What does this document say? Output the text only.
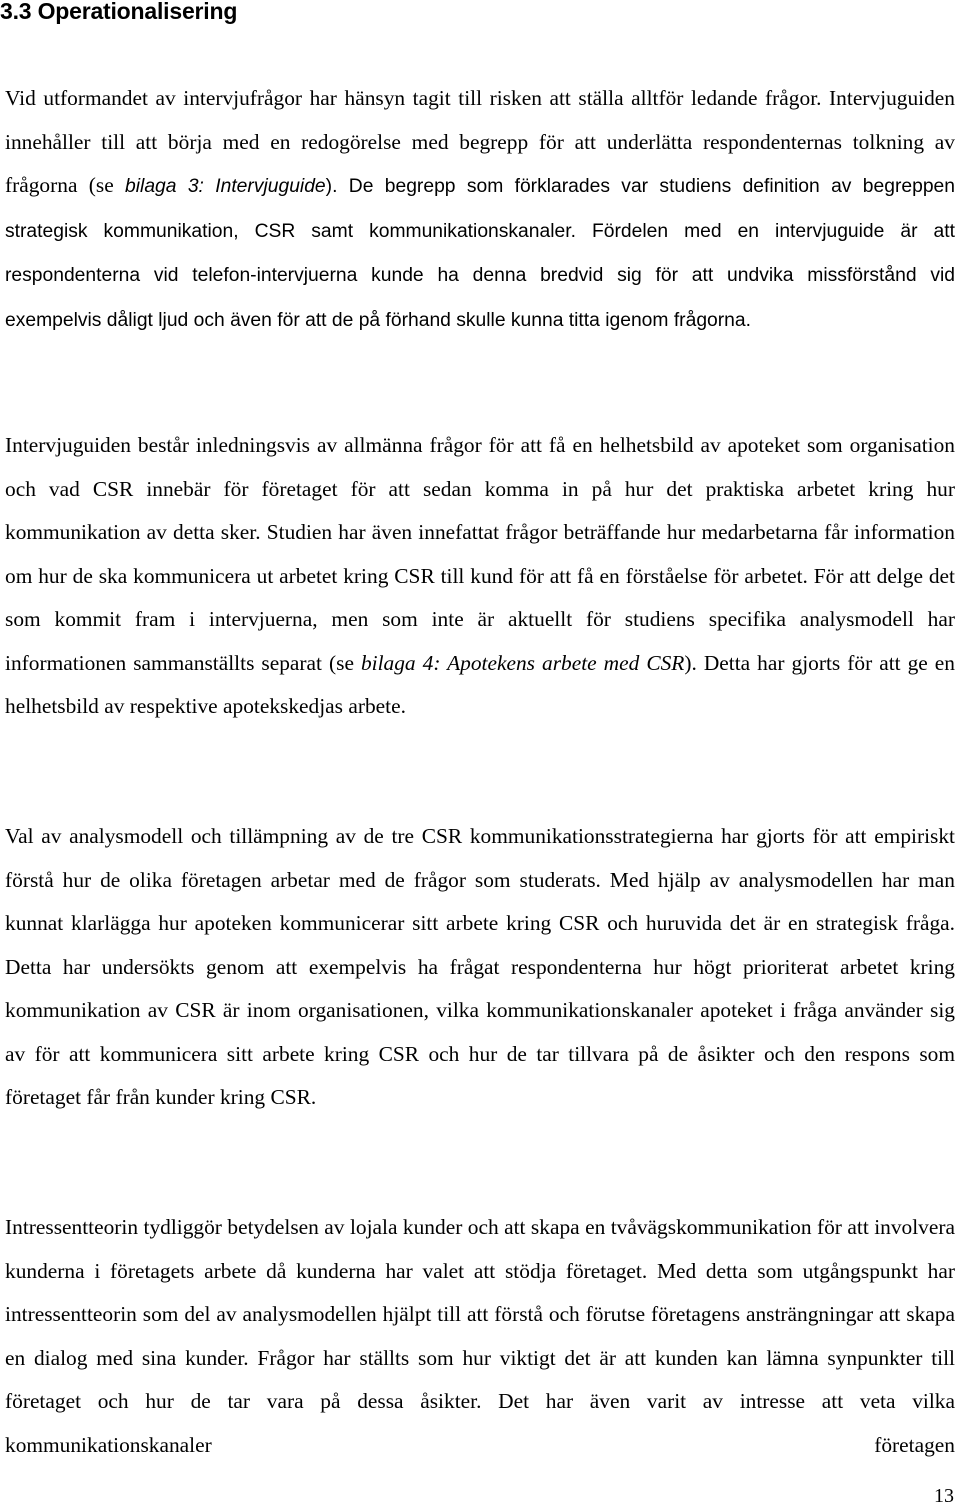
3.3 Operationalisering

Vid utformandet av intervjufrågor har hänsyn tagit till risken att ställa alltför ledande frågor. Intervjuguiden innehåller till att börja med en redogörelse med begrepp för att underlätta respondenternas tolkning av frågorna (se bilaga 3: Intervjuguide). De begrepp som förklarades var studiens definition av begreppen strategisk kommunikation, CSR samt kommunikationskanaler. Fördelen med en intervjuguide är att respondenterna vid telefon-intervjuerna kunde ha denna bredvid sig för att undvika missförstånd vid exempelvis dåligt ljud och även för att de på förhand skulle kunna titta igenom frågorna.

Intervjuguiden består inledningsvis av allmänna frågor för att få en helhetsbild av apoteket som organisation och vad CSR innebär för företaget för att sedan komma in på hur det praktiska arbetet kring hur kommunikation av detta sker. Studien har även innefattat frågor beträffande hur medarbetarna får information om hur de ska kommunicera ut arbetet kring CSR till kund för att få en förståelse för arbetet. För att delge det som kommit fram i intervjuerna, men som inte är aktuellt för studiens specifika analysmodell har informationen sammanställts separat (se bilaga 4: Apotekens arbete med CSR). Detta har gjorts för att ge en helhetsbild av respektive apotekskedjas arbete.

Val av analysmodell och tillämpning av de tre CSR kommunikationsstrategierna har gjorts för att empiriskt förstå hur de olika företagen arbetar med de frågor som studerats. Med hjälp av analysmodellen har man kunnat klarlägga hur apoteken kommunicerar sitt arbete kring CSR och huruvida det är en strategisk fråga. Detta har undersökts genom att exempelvis ha frågat respondenterna hur högt prioriterat arbetet kring kommunikation av CSR är inom organisationen, vilka kommunikationskanaler apoteket i fråga använder sig av för att kommunicera sitt arbete kring CSR och hur de tar tillvara på de åsikter och den respons som företaget får från kunder kring CSR.

Intressentteorin tydliggör betydelsen av lojala kunder och att skapa en tvåvägskommunikation för att involvera kunderna i företagets arbete då kunderna har valet att stödja företaget. Med detta som utgångspunkt har intressentteorin som del av analysmodellen hjälpt till att förstå och förutse företagens ansträngningar att skapa en dialog med sina kunder. Frågor har ställts som hur viktigt det är att kunden kan lämna synpunkter till företaget och hur de tar vara på dessa åsikter. Det har även varit av intresse att veta vilka kommunikationskanaler företagen

13
